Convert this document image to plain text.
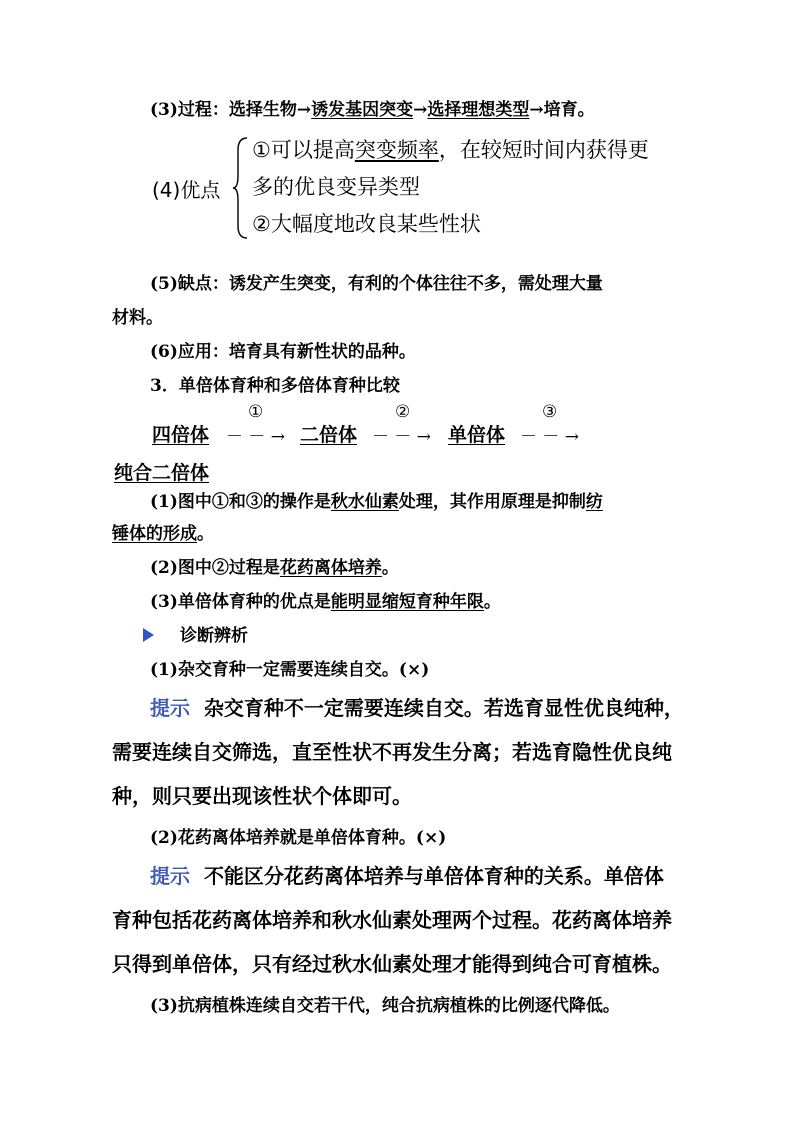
(3)过程：选择生物→诱发基因突变→选择理想类型→培育。
(4)优点
①可以提高突变频率，在较短时间内获得更
多的优良变异类型
②大幅度地改良某些性状
(5)缺点：诱发产生突变，有利的个体往往不多，需处理大量
材料。
(6)应用：培育具有新性状的品种。
3．单倍体育种和多倍体育种比较
四倍体
①
－ － → 二倍体
②
－ － → 单倍体
③
－ － →
纯合二倍体
(1)图中①和③的操作是秋水仙素处理，其作用原理是抑制纺
锤体的形成。
(2)图中②过程是花药离体培养。
(3)单倍体育种的优点是能明显缩短育种年限。
诊断辨析
(1)杂交育种一定需要连续自交。(×)
提示 杂交育种不一定需要连续自交。若选育显性优良纯种，
需要连续自交筛选，直至性状不再发生分离；若选育隐性优良纯
种，则只要出现该性状个体即可。
(2)花药离体培养就是单倍体育种。(×)
提示 不能区分花药离体培养与单倍体育种的关系。单倍体
育种包括花药离体培养和秋水仙素处理两个过程。花药离体培养
只得到单倍体，只有经过秋水仙素处理才能得到纯合可育植株。
(3)抗病植株连续自交若干代，纯合抗病植株的比例逐代降低。
